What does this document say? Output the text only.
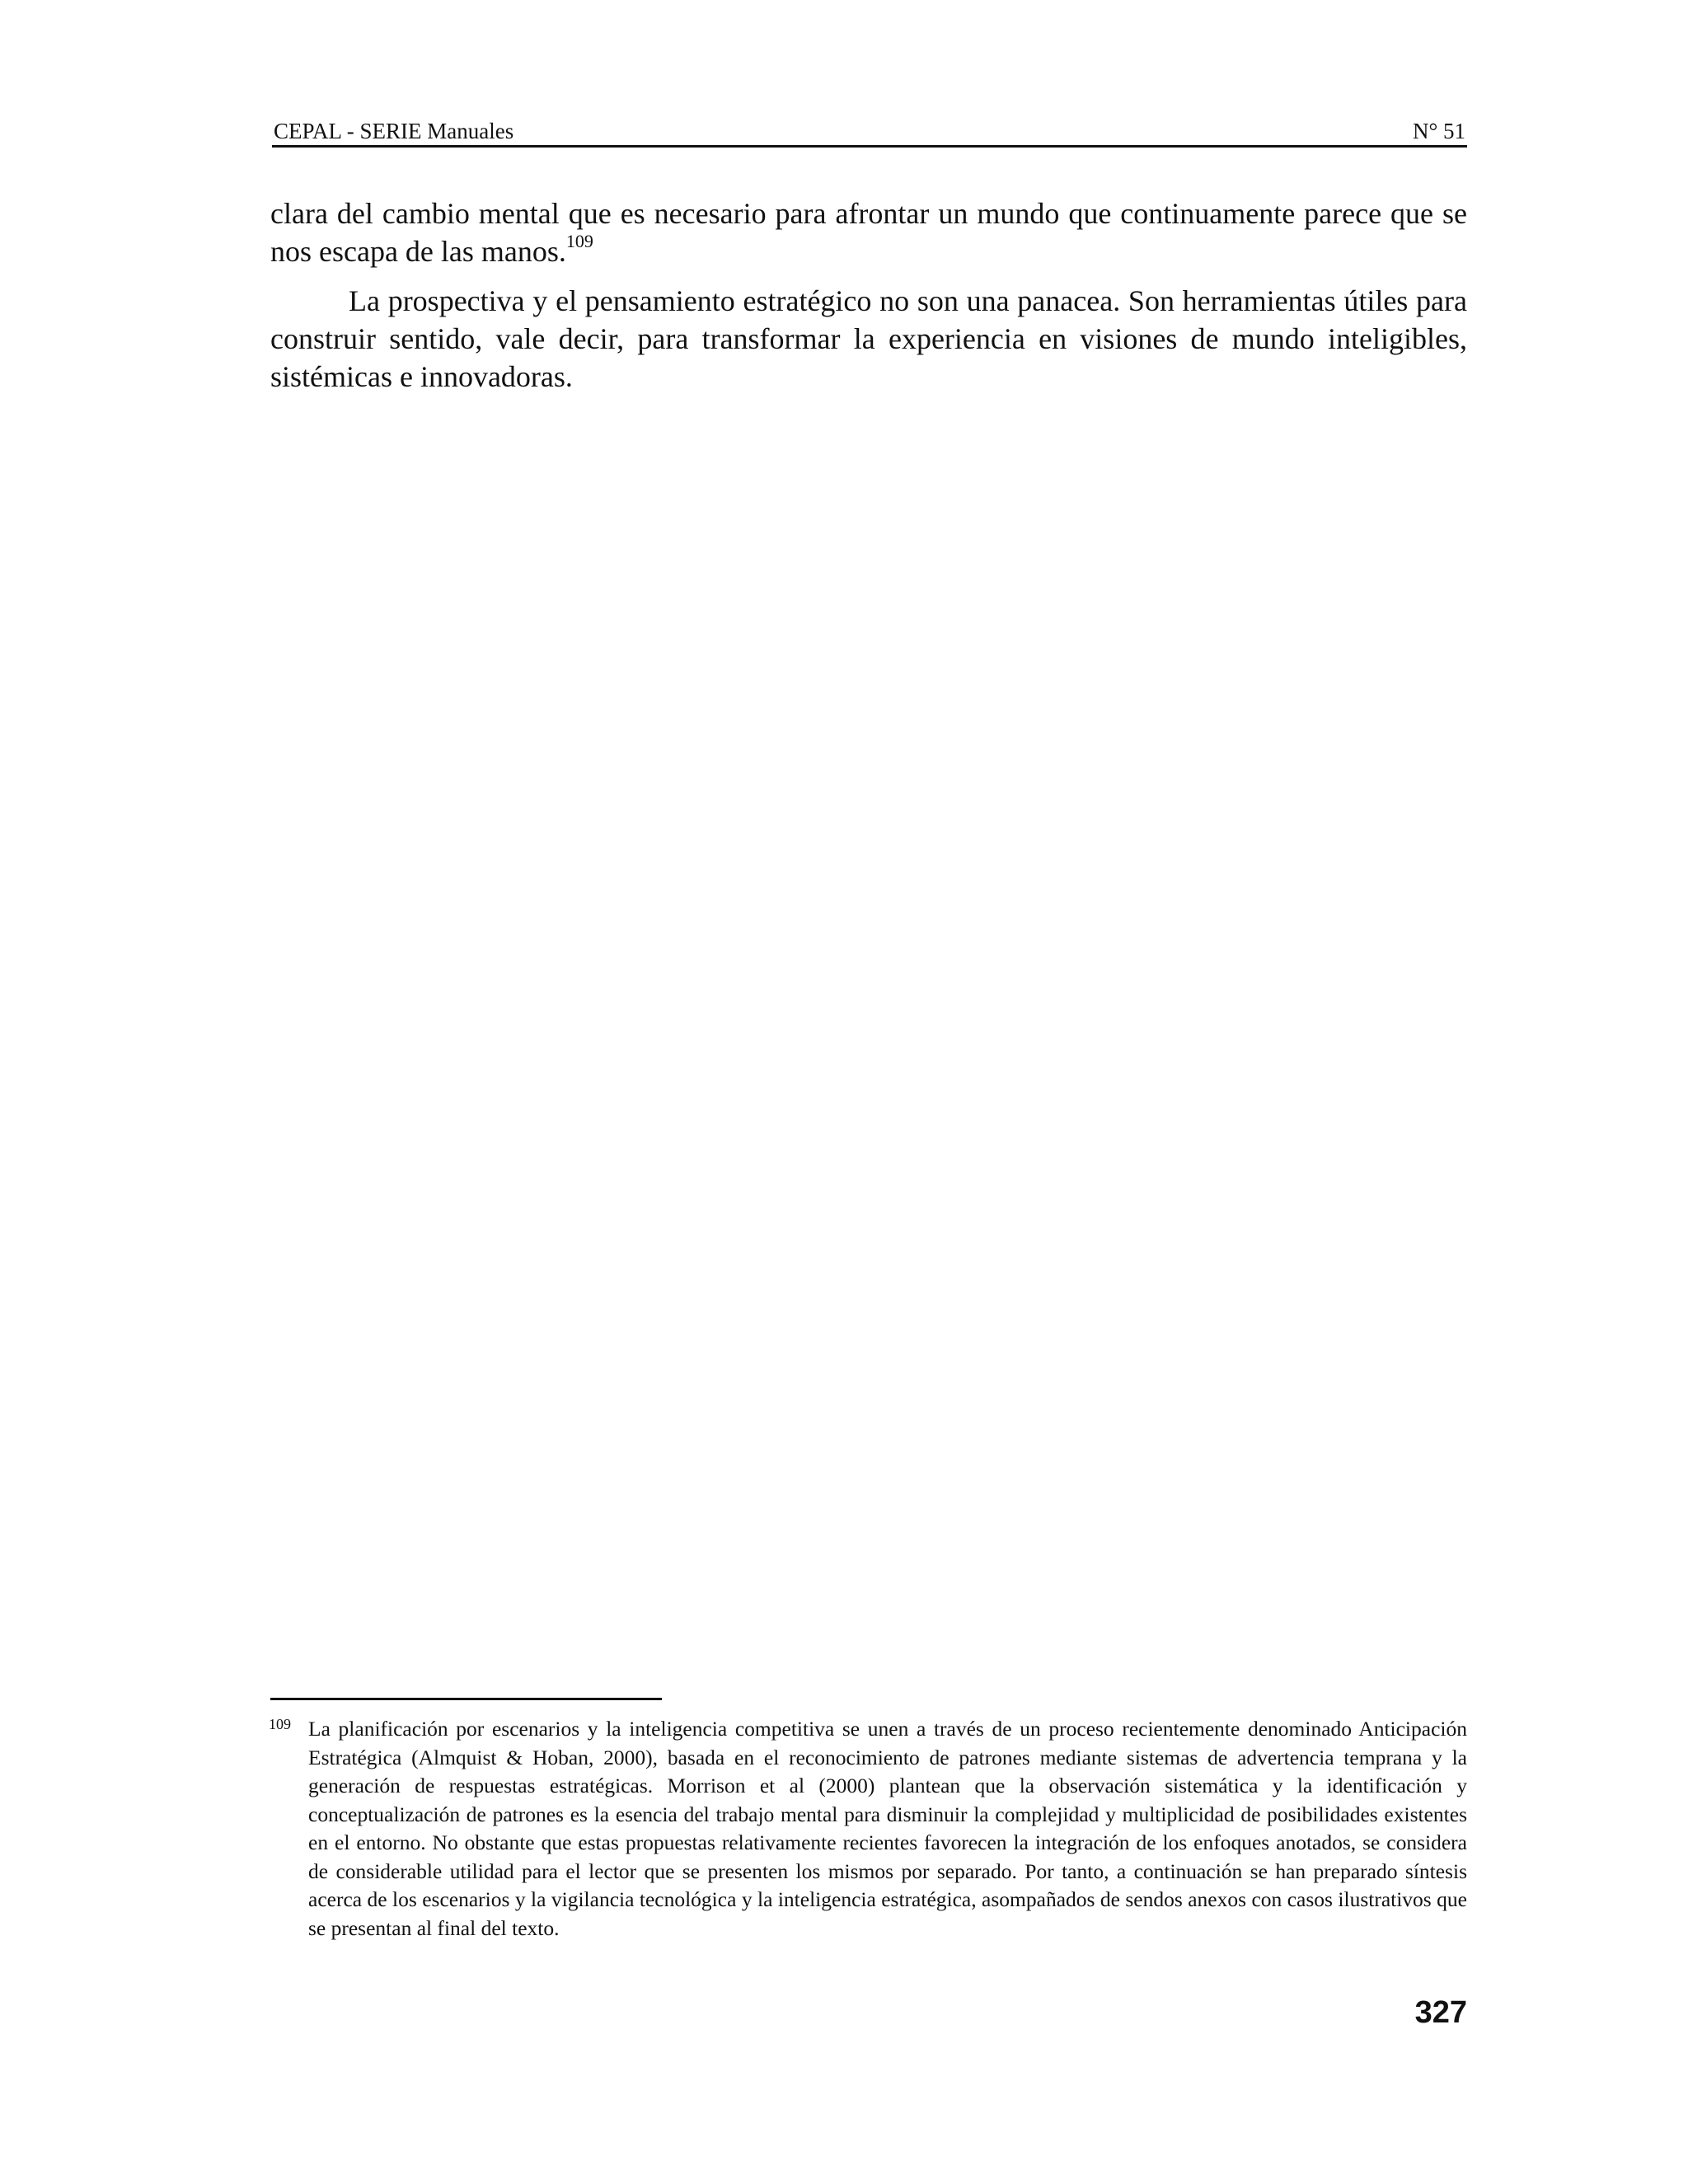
CEPAL - SERIE Manuales	N° 51

clara del cambio mental que es necesario para afrontar un mundo que continuamente parece que se nos escapa de las manos.$^{109}$

La prospectiva y el pensamiento estratégico no son una panacea. Son herramientas útiles para construir sentido, vale decir, para transformar la experiencia en visiones de mundo inteligibles, sistémicas e innovadoras.

109 La planificación por escenarios y la inteligencia competitiva se unen a través de un proceso recientemente denominado Anticipación Estratégica (Almquist & Hoban, 2000), basada en el reconocimiento de patrones mediante sistemas de advertencia temprana y la generación de respuestas estratégicas. Morrison et al (2000) plantean que la observación sistemática y la identificación y conceptualización de patrones es la esencia del trabajo mental para disminuir la complejidad y multiplicidad de posibilidades existentes en el entorno. No obstante que estas propuestas relativamente recientes favorecen la integración de los enfoques anotados, se considera de considerable utilidad para el lector que se presenten los mismos por separado. Por tanto, a continuación se han preparado síntesis acerca de los escenarios y la vigilancia tecnológica y la inteligencia estratégica, asompañados de sendos anexos con casos ilustrativos que se presentan al final del texto.
327
